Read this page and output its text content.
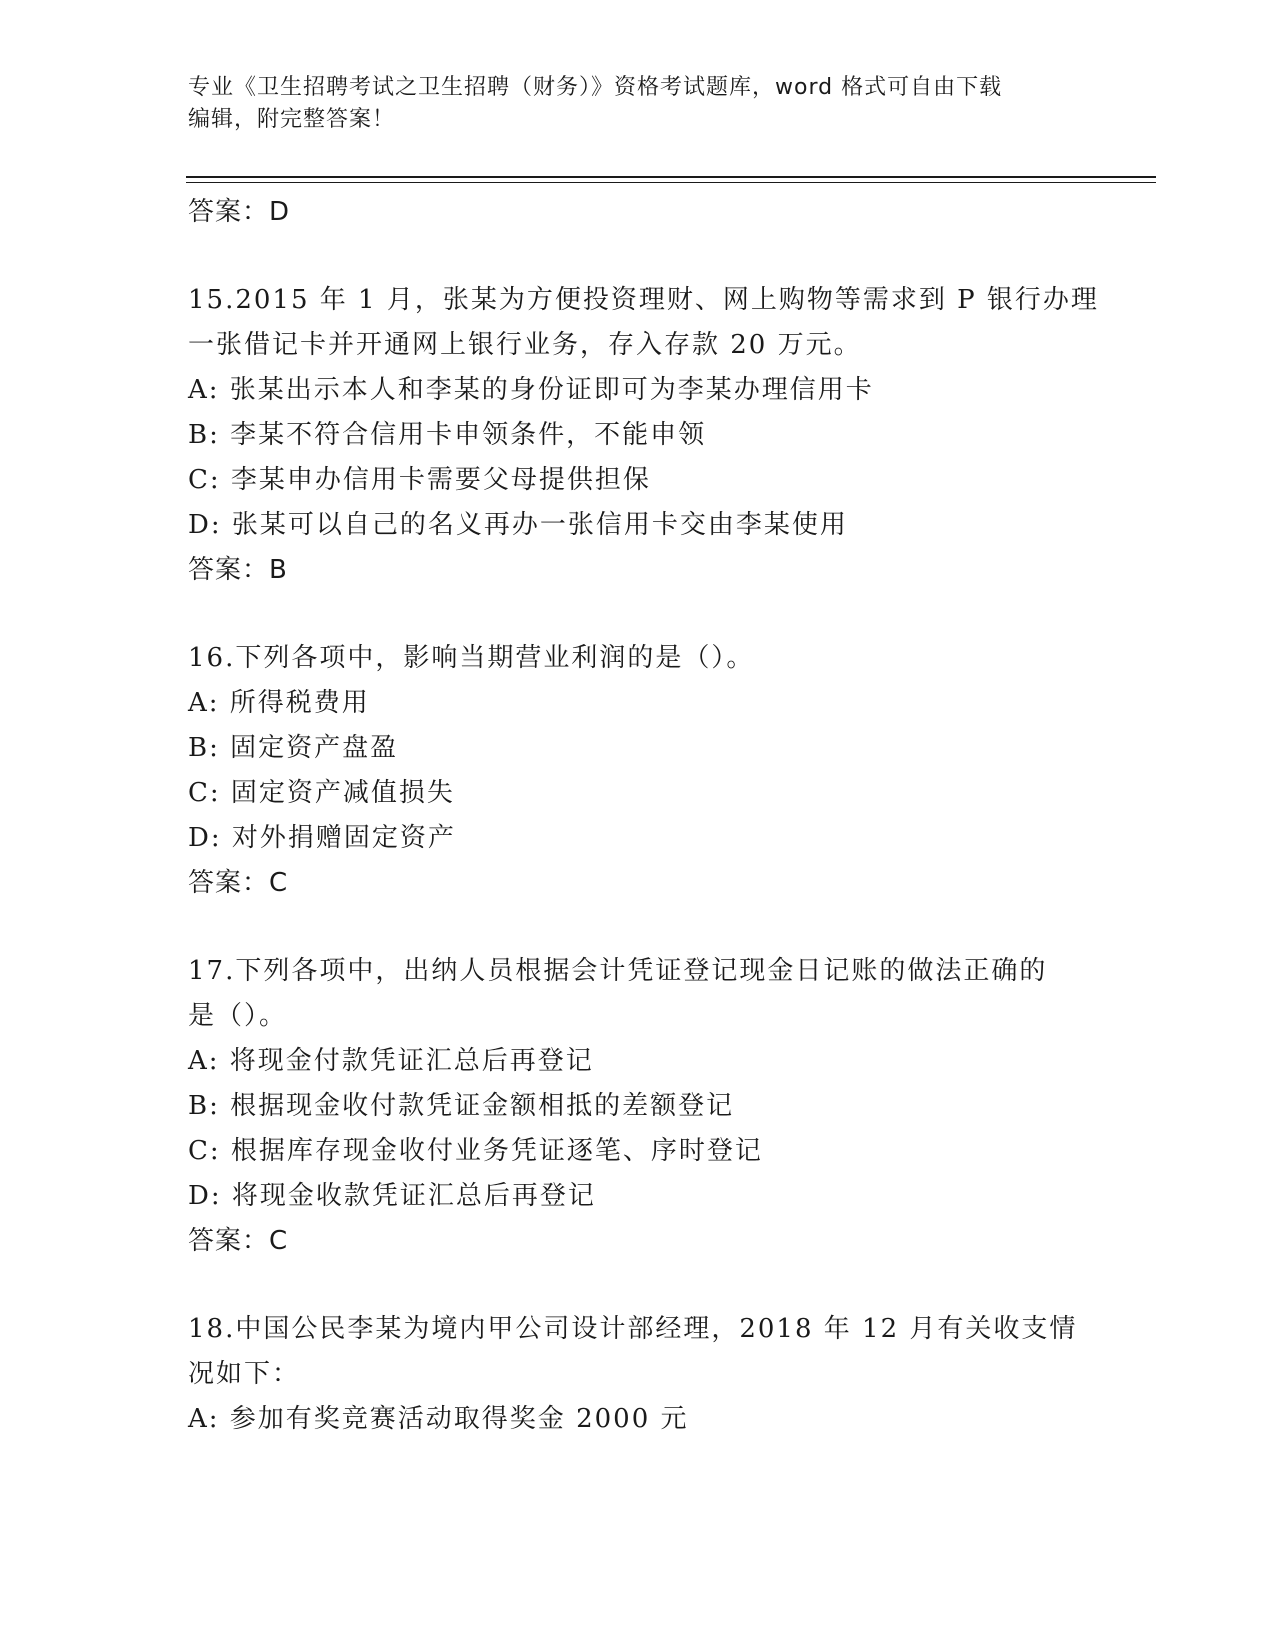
专业《卫生招聘考试之卫生招聘（财务）》资格考试题库，word 格式可自由下载
编辑，附完整答案！
答案：D
15.2015 年 1 月，张某为方便投资理财、网上购物等需求到 P 银行办理
一张借记卡并开通网上银行业务，存入存款 20 万元。
A: 张某出示本人和李某的身份证即可为李某办理信用卡
B: 李某不符合信用卡申领条件，不能申领
C: 李某申办信用卡需要父母提供担保
D: 张某可以自己的名义再办一张信用卡交由李某使用
答案：B
16.下列各项中，影响当期营业利润的是（）。
A: 所得税费用
B: 固定资产盘盈
C: 固定资产减值损失
D: 对外捐赠固定资产
答案：C
17.下列各项中，出纳人员根据会计凭证登记现金日记账的做法正确的
是（）。
A: 将现金付款凭证汇总后再登记
B: 根据现金收付款凭证金额相抵的差额登记
C: 根据库存现金收付业务凭证逐笔、序时登记
D: 将现金收款凭证汇总后再登记
答案：C
18.中国公民李某为境内甲公司设计部经理，2018 年 12 月有关收支情
况如下：
A: 参加有奖竞赛活动取得奖金 2000 元
